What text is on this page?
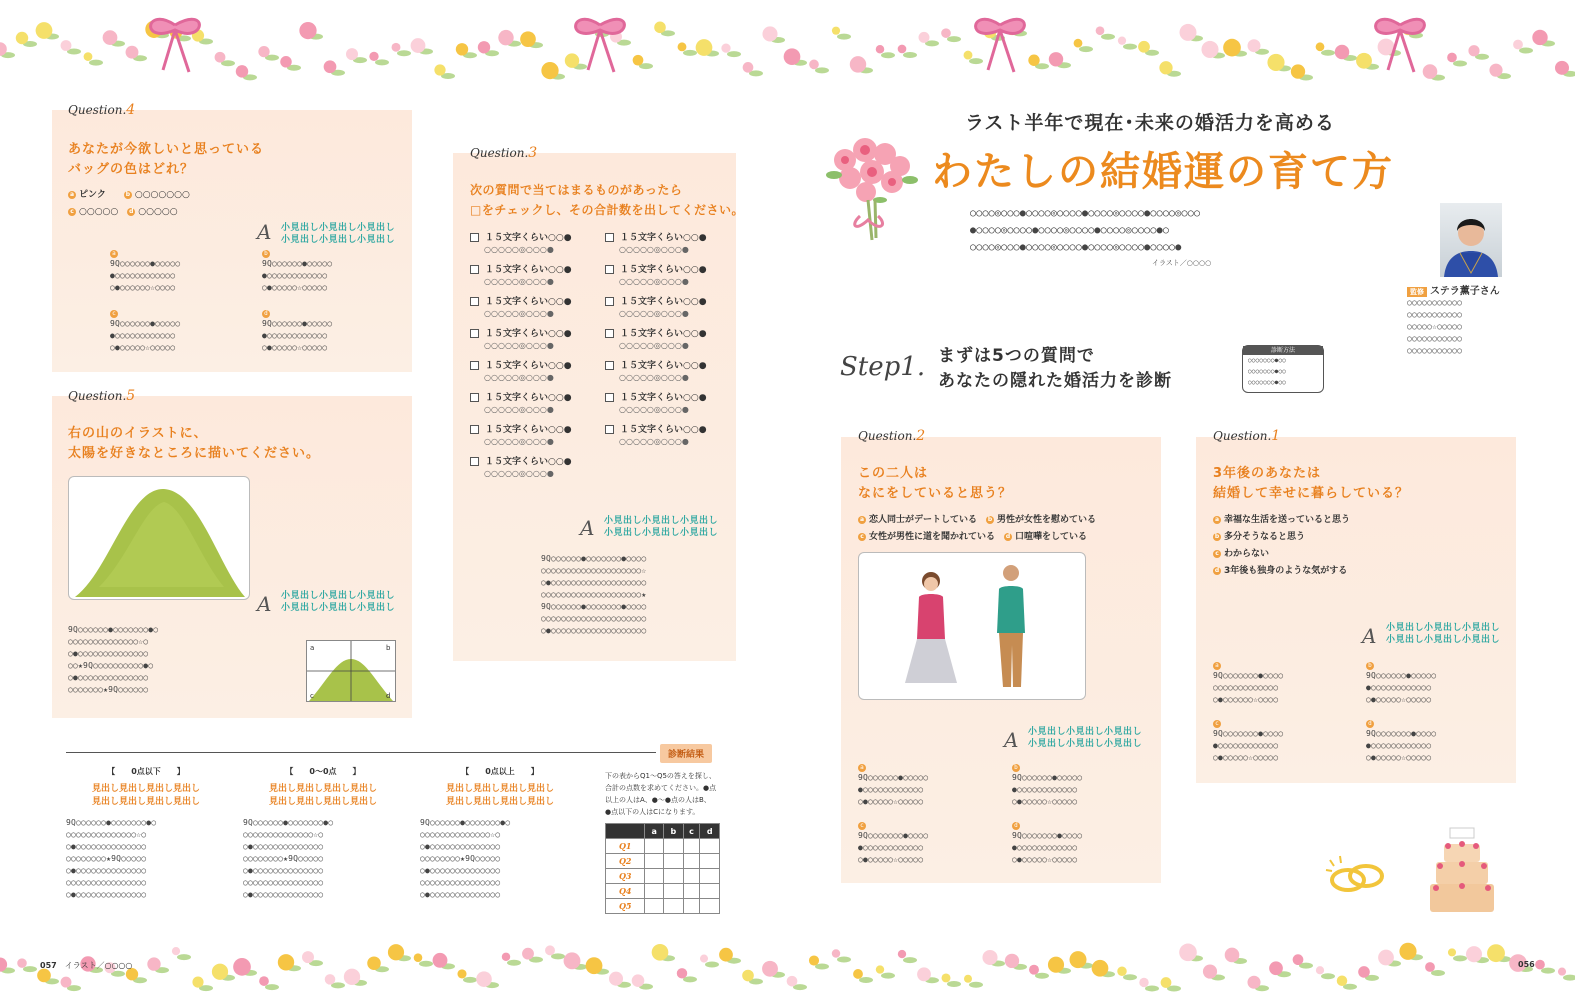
Question.4
あなたが今欲しいと思っている
バッグの色はどれ？
a ピンク　　	b ○○○○○○○
c ○○○○○　 d ○○○○○
A 小見出し小見出し小見出し
小見出し小見出し小見出し
a
9Q○○○○○○●○○○○○
●○○○○○○○○○○○○
○●○○○○○○☆○○○○
b
9Q○○○○○○●○○○○○
●○○○○○○○○○○○○
○●○○○○○☆○○○○○
c
9Q○○○○○○●○○○○○
●○○○○○○○○○○○○
○●○○○○○☆○○○○○
d
9Q○○○○○○●○○○○○
●○○○○○○○○○○○○
○●○○○○○☆○○○○○
Question.5
右の山のイラストに、
太陽を好きなところに描いてください。
A 小見出し小見出し小見出し
小見出し小見出し小見出し
9Q○○○○○○●○○○○○○○●○
○○○○○○○○○○○○○○☆○
○●○○○○○○○○○○○○○○
○○★9Q○○○○○○○○○○●○
○●○○○○○○○○○○○○○○
○○○○○○○★9Q○○○○○○
a	b
c	d
Question.3
次の質問で当てはまるものがあったら
□をチェックし、その合計数を出してください。
１５文字くらい○○●
○○○○○◎○○○●
１５文字くらい○○●
○○○○○◎○○○●
１５文字くらい○○●
○○○○○◎○○○●
１５文字くらい○○●
○○○○○◎○○○●
１５文字くらい○○●
○○○○○◎○○○●
１５文字くらい○○●
○○○○○◎○○○●
１５文字くらい○○●
○○○○○◎○○○●
１５文字くらい○○●
○○○○○◎○○○●
１５文字くらい○○●
○○○○○◎○○○●
１５文字くらい○○●
○○○○○◎○○○●
１５文字くらい○○●
○○○○○◎○○○●
１５文字くらい○○●
○○○○○◎○○○●
１５文字くらい○○●
○○○○○◎○○○●
１５文字くらい○○●
○○○○○◎○○○●
１５文字くらい○○●
○○○○○◎○○○●
A 小見出し小見出し小見出し
小見出し小見出し小見出し
9Q○○○○○○●○○○○○○○●○○○○
○○○○○○○○○○○○○○○○○○○○☆
○●○○○○○○○○○○○○○○○○○○○
○○○○○○○○○○○○○○○○○○○○★
9Q○○○○○○●○○○○○○○●○○○○
○○○○○○○○○○○○○○○○○○○○○
○●○○○○○○○○○○○○○○○○○○○
診断結果
【　　0点以下　　】
見出し見出し見出し見出し
見出し見出し見出し見出し
9Q○○○○○○●○○○○○○○●○
○○○○○○○○○○○○○○☆○
○●○○○○○○○○○○○○○○
○○○○○○○○★9Q○○○○○
○●○○○○○○○○○○○○○○
○○○○○○○○○○○○○○○○
○●○○○○○○○○○○○○○○
【　　0～0点　　】
見出し見出し見出し見出し
見出し見出し見出し見出し
9Q○○○○○○●○○○○○○○●○
○○○○○○○○○○○○○○☆○
○●○○○○○○○○○○○○○○
○○○○○○○○★9Q○○○○○
○●○○○○○○○○○○○○○○
○○○○○○○○○○○○○○○○
○●○○○○○○○○○○○○○○
【　　0点以上　　】
見出し見出し見出し見出し
見出し見出し見出し見出し
9Q○○○○○○●○○○○○○○●○
○○○○○○○○○○○○○○☆○
○●○○○○○○○○○○○○○○
○○○○○○○○★9Q○○○○○
○●○○○○○○○○○○○○○○
○○○○○○○○○○○○○○○○
○●○○○○○○○○○○○○○○
下の表からQ1～Q5の答えを探し、
合計の点数を求めてください。●点
以上の人はA、●～●点の人はB、
●点以下の人はCになります。
	a	b	c	d
Q1				
Q2				
Q3				
Q4				
Q5				
057　 イラスト／○○○○
ラスト半年で現在･未来の婚活力を高める
わたしの結婚運の育て方
○○○○◎○○○●○○○○◎○○○○●○○○○◎○○○○●○○○○◎○○○
●○○○○◎○○○○●○○○○◎○○○○●○○○○◎○○○○●○
○○○○◎○○○●○○○○◎○○○○●○○○○◎○○○○●○○○○●
イラスト／○○○○
監修 ステラ薫子さん
○○○○○○○○○○○
○○○○○○○○○○○
○○○○○☆○○○○○
○○○○○○○○○○○
○○○○○○○○○○○
Step1. まずは5つの質問で
あなたの隠れた婚活力を診断
診断方法
○○○○○○○●○○
○○○○○○○●○○
○○○○○○○●○○
Question.2
この二人は
なにをしていると思う？
a 恋人同士がデートしている　 b 男性が女性を慰めている
c 女性が男性に道を聞かれている　 d 口喧嘩をしている
A 小見出し小見出し小見出し
小見出し小見出し小見出し
a
9Q○○○○○○●○○○○○
●○○○○○○○○○○○○
○●○○○○○☆○○○○○
b
9Q○○○○○○●○○○○○
●○○○○○○○○○○○○
○●○○○○○☆○○○○○
c
9Q○○○○○○○●○○○○
●○○○○○○○○○○○○
○●○○○○○☆○○○○○
d
9Q○○○○○○○●○○○○
●○○○○○○○○○○○○
○●○○○○○☆○○○○○
Question.1
3年後のあなたは
結婚して幸せに暮らしている？
a 幸福な生活を送っていると思う
b 多分そうなると思う
c わからない
d 3年後も独身のような気がする
A 小見出し小見出し小見出し
小見出し小見出し小見出し
a
9Q○○○○○○○●○○○○
○○○○○○○○○○○○○
○●○○○○○○☆○○○○
b
9Q○○○○○○●○○○○○
●○○○○○○○○○○○○
○●○○○○○☆○○○○○
c
9Q○○○○○○○●○○○○
●○○○○○○○○○○○○
○●○○○○○☆○○○○○
d
9Q○○○○○○○●○○○○
●○○○○○○○○○○○○
○●○○○○○☆○○○○○
056
